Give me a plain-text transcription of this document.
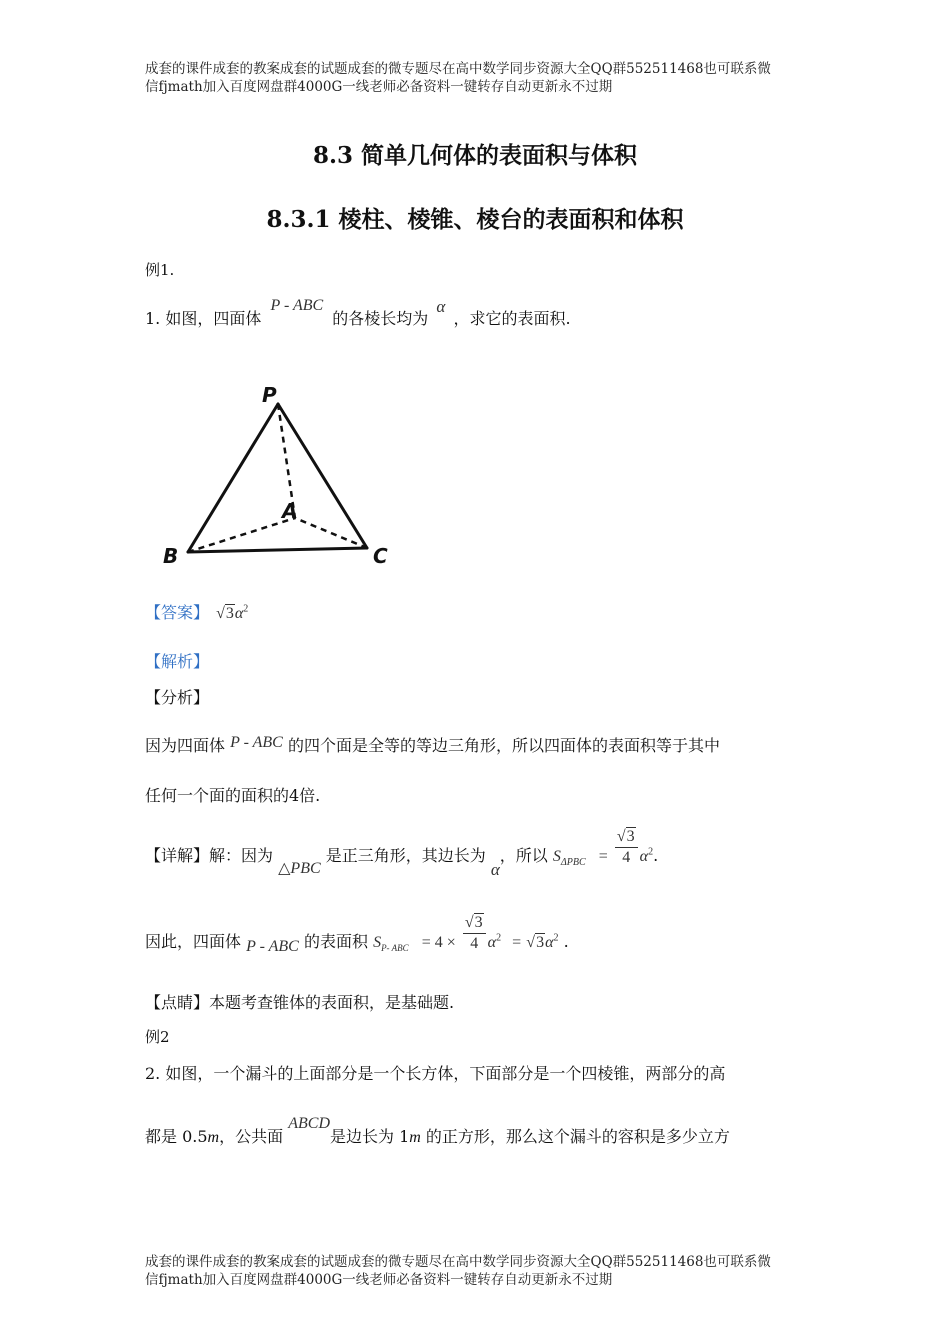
成套的课件成套的教案成套的试题成套的微专题尽在高中数学同步资源大全QQ群552511468也可联系微
信fjmath加入百度网盘群4000G一线老师必备资料一键转存自动更新永不过期
8.3 简单几何体的表面积与体积
8.3.1 棱柱、棱锥、棱台的表面积和体积
例1.
1. 如图，四面体 P - ABC 的各棱长均为 α ，求它的表面积.
P
A
B	C
【答案】 $√3\alpha^2$
【解析】
【分析】
因为四面体 P - ABC 的四个面是全等的等边三角形，所以四面体的表面积等于其中
任何一个面的面积的4倍.
【详解】解：因为 △PBC 是正三角形，其边长为 α，所以 $S_{\Delta PBC} = \frac{√3}{4} \alpha^2$.
因此，四面体 P - ABC 的表面积 $S_{P- ABC} = 4 \times \frac{√3}{4} \alpha^2 = √3\alpha^2$ .
【点睛】本题考查锥体的表面积，是基础题.
例2
2. 如图，一个漏斗的上面部分是一个长方体，下面部分是一个四棱锥，两部分的高
都是 0.5m，公共面 ABCD是边长为 1m 的正方形，那么这个漏斗的容积是多少立方
成套的课件成套的教案成套的试题成套的微专题尽在高中数学同步资源大全QQ群552511468也可联系微
信fjmath加入百度网盘群4000G一线老师必备资料一键转存自动更新永不过期
